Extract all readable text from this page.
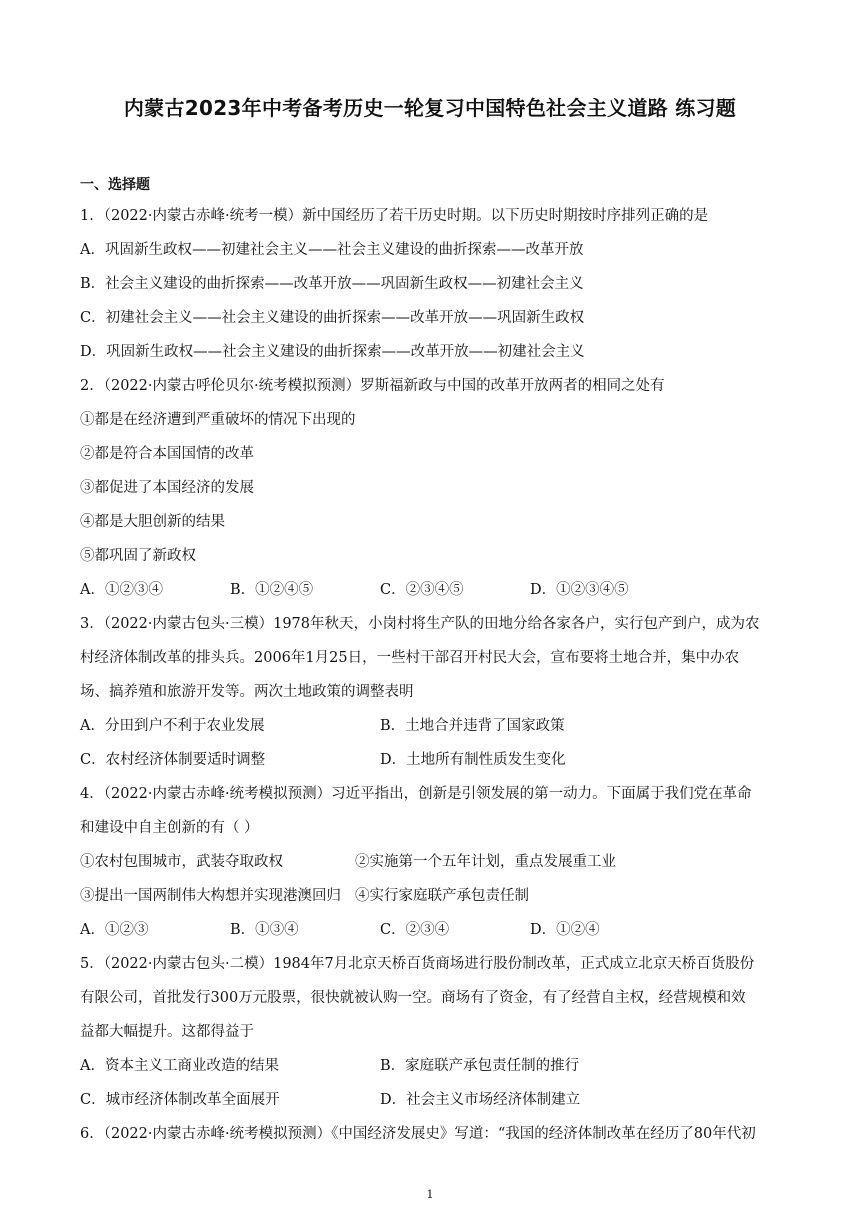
内蒙古2023年中考备考历史一轮复习中国特色社会主义道路 练习题
一、选择题
1．（2022·内蒙古赤峰·统考一模）新中国经历了若干历史时期。以下历史时期按时序排列正确的是
A．巩固新生政权——初建社会主义——社会主义建设的曲折探索——改革开放
B．社会主义建设的曲折探索——改革开放——巩固新生政权——初建社会主义
C．初建社会主义——社会主义建设的曲折探索——改革开放——巩固新生政权
D．巩固新生政权——社会主义建设的曲折探索——改革开放——初建社会主义
2．（2022·内蒙古呼伦贝尔·统考模拟预测）罗斯福新政与中国的改革开放两者的相同之处有
①都是在经济遭到严重破坏的情况下出现的
②都是符合本国国情的改革
③都促进了本国经济的发展
④都是大胆创新的结果
⑤都巩固了新政权
A．①②③④	B．①②④⑤	C．②③④⑤	D．①②③④⑤
3．（2022·内蒙古包头·三模）1978年秋天，小岗村将生产队的田地分给各家各户，实行包产到户，成为农
村经济体制改革的排头兵。2006年1月25日，一些村干部召开村民大会，宣布要将土地合并，集中办农
场、搞养殖和旅游开发等。两次土地政策的调整表明
A．分田到户不利于农业发展	B．土地合并违背了国家政策
C．农村经济体制要适时调整	D．土地所有制性质发生变化
4．（2022·内蒙古赤峰·统考模拟预测）习近平指出，创新是引领发展的第一动力。下面属于我们党在革命
和建设中自主创新的有（ ）
①农村包围城市，武装夺取政权	②实施第一个五年计划，重点发展重工业
③提出一国两制伟大构想并实现港澳回归 ④实行家庭联产承包责任制
A．①②③	B．①③④	C．②③④	D．①②④
5．（2022·内蒙古包头·二模）1984年7月北京天桥百货商场进行股份制改革，正式成立北京天桥百货股份
有限公司，首批发行300万元股票，很快就被认购一空。商场有了资金，有了经营自主权，经营规模和效
益都大幅提升。这都得益于
A．资本主义工商业改造的结果	B．家庭联产承包责任制的推行
C．城市经济体制改革全面展开	D．社会主义市场经济体制建立
6．（2022·内蒙古赤峰·统考模拟预测）《中国经济发展史》写道：“我国的经济体制改革在经历了80年代初
1
